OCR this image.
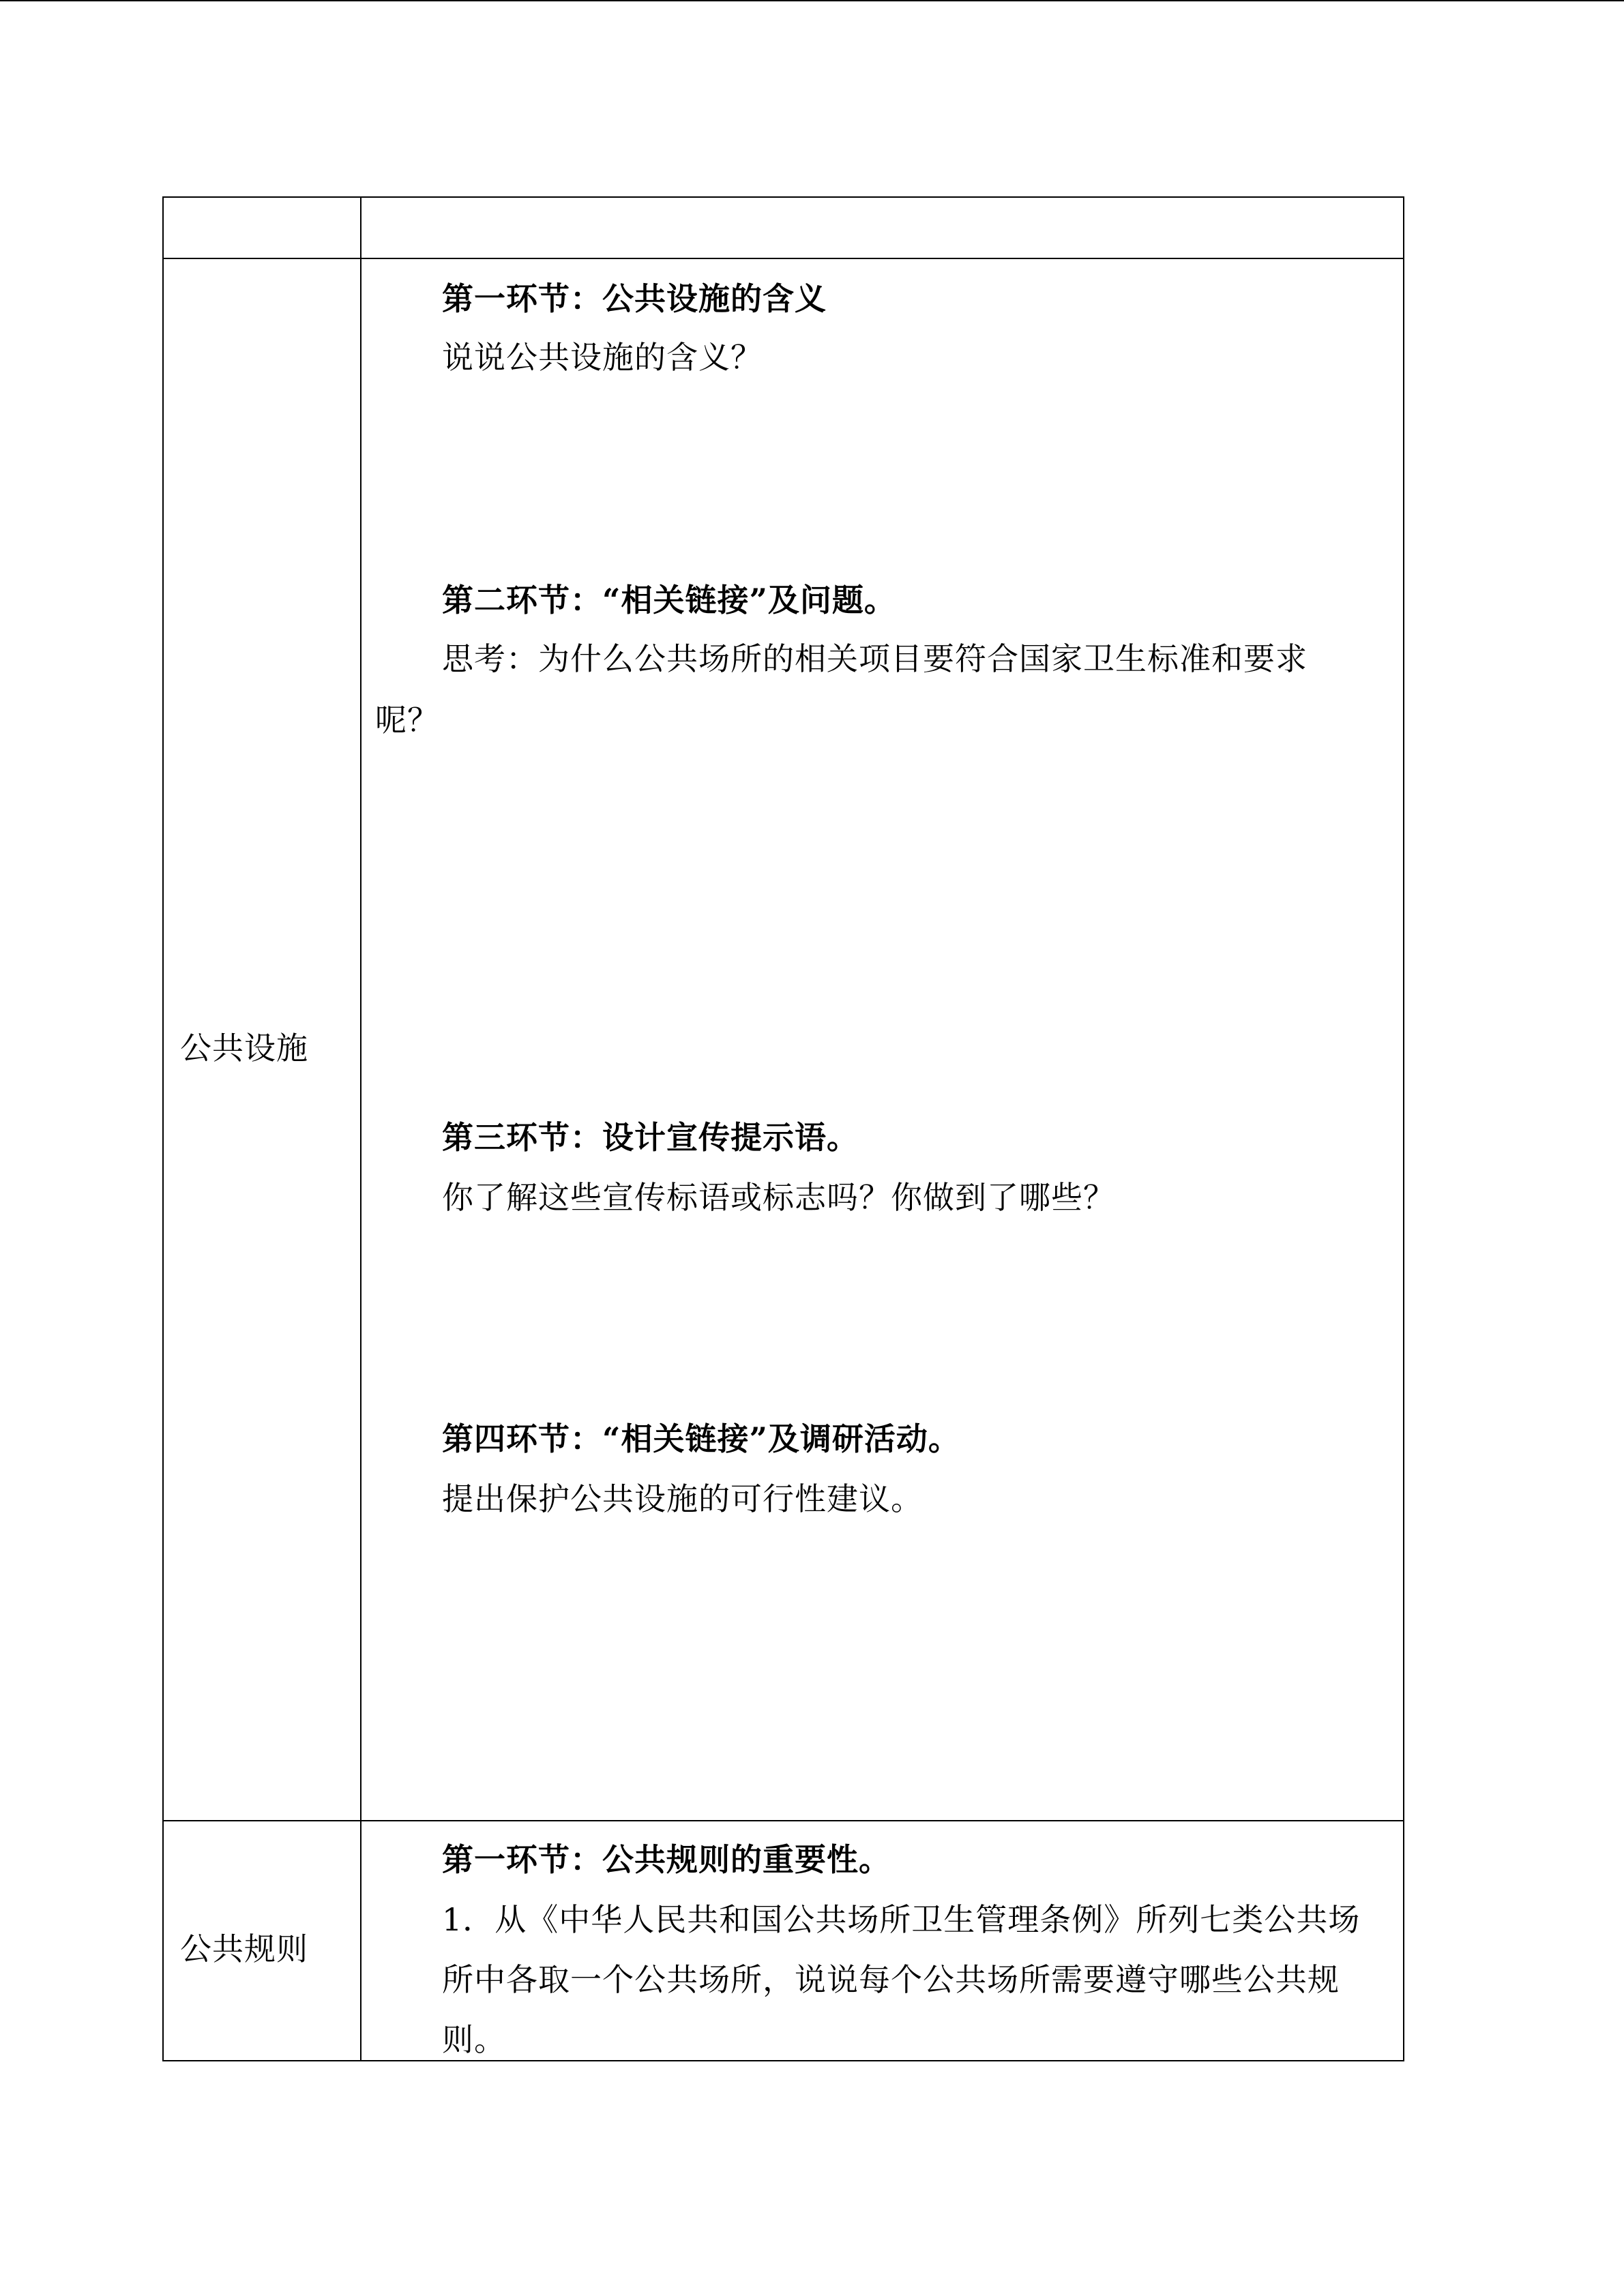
公共设施
第一环节：公共设施的含义
说说公共设施的含义？
第二环节：“相关链接”及问题。
思考：为什么公共场所的相关项目要符合国家卫生标准和要求
呢？
第三环节：设计宣传提示语。
你了解这些宣传标语或标志吗？你做到了哪些？
第四环节：“相关链接”及调研活动。
提出保护公共设施的可行性建议。
公共规则
第一环节：公共规则的重要性。
1．从《中华人民共和国公共场所卫生管理条例》所列七类公共场
所中各取一个公共场所，说说每个公共场所需要遵守哪些公共规
则。
